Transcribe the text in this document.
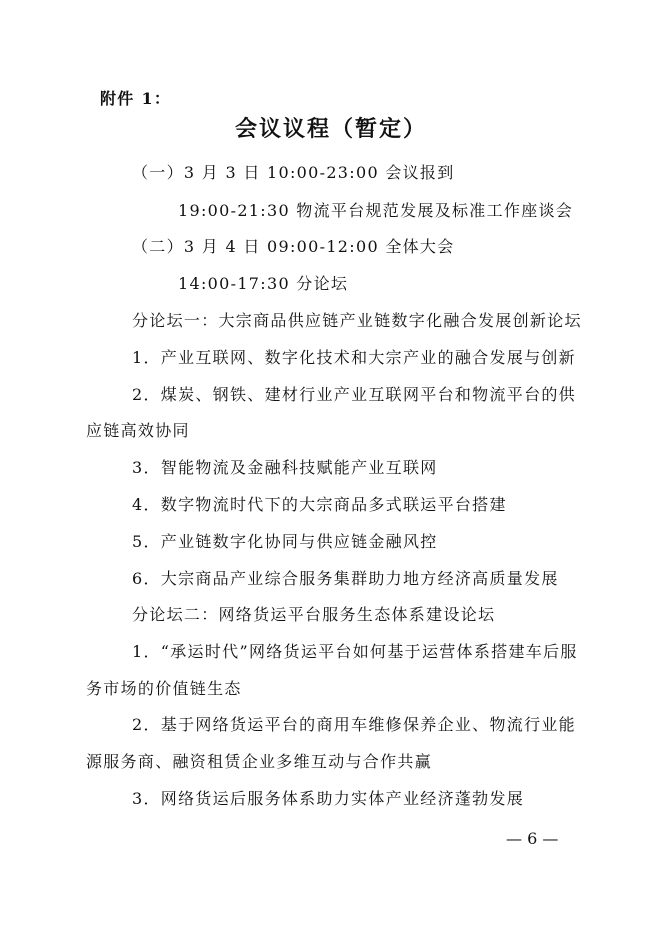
附件 1：
会议议程（暂定）
（一）3 月 3 日 10:00-23:00 会议报到
19:00-21:30 物流平台规范发展及标准工作座谈会
（二）3 月 4 日 09:00-12:00 全体大会
14:00-17:30 分论坛
分论坛一：大宗商品供应链产业链数字化融合发展创新论坛
1．产业互联网、数字化技术和大宗产业的融合发展与创新
2．煤炭、钢铁、建材行业产业互联网平台和物流平台的供
应链高效协同
3．智能物流及金融科技赋能产业互联网
4．数字物流时代下的大宗商品多式联运平台搭建
5．产业链数字化协同与供应链金融风控
6．大宗商品产业综合服务集群助力地方经济高质量发展
分论坛二：网络货运平台服务生态体系建设论坛
1．“承运时代”网络货运平台如何基于运营体系搭建车后服
务市场的价值链生态
2．基于网络货运平台的商用车维修保养企业、物流行业能
源服务商、融资租赁企业多维互动与合作共赢
3．网络货运后服务体系助力实体产业经济蓬勃发展
— 6 —
